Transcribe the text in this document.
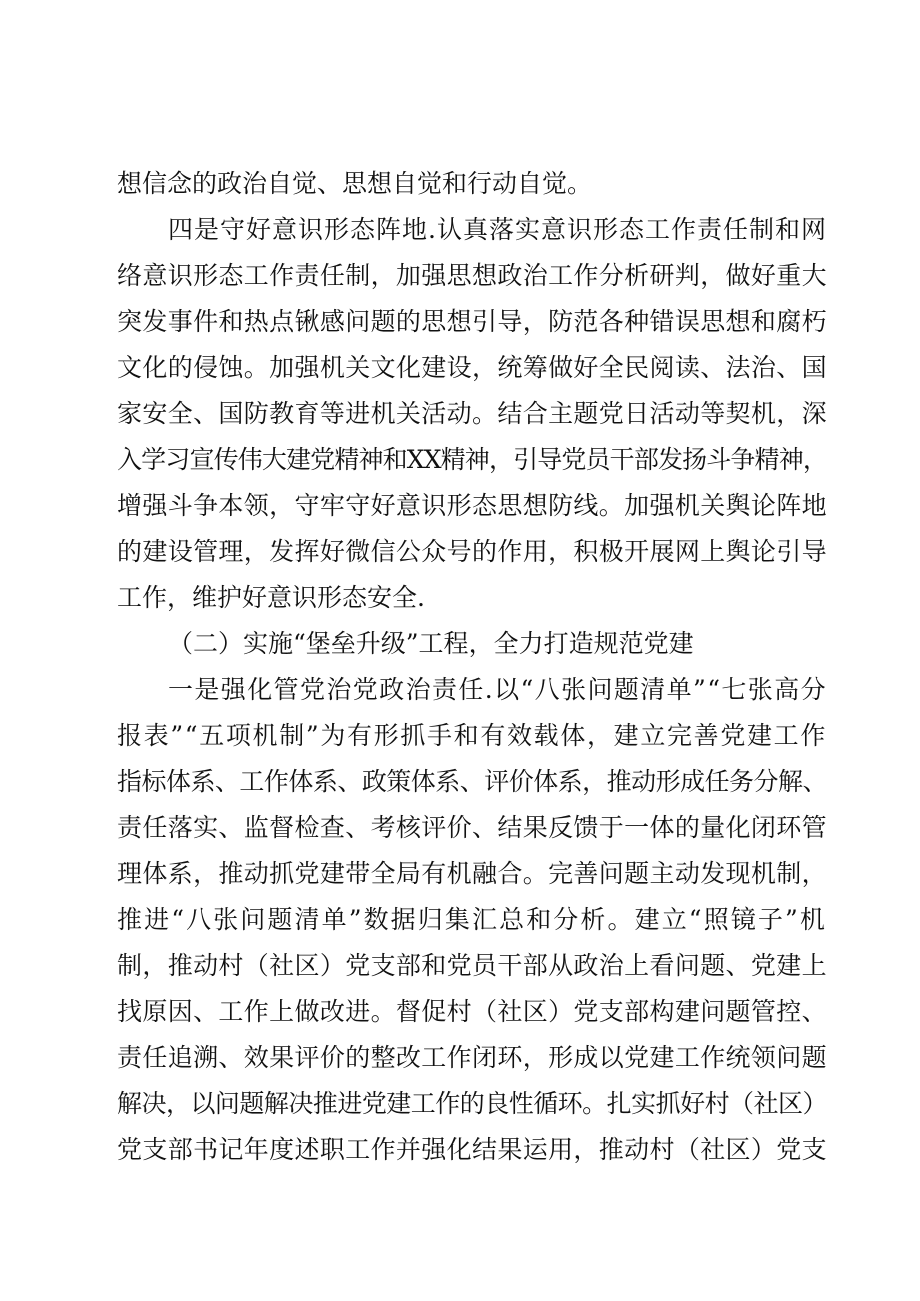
想信念的政治自觉、思想自觉和行动自觉。
四是守好意识形态阵地.认真落实意识形态工作责任制和网
络意识形态工作责任制，加强思想政治工作分析研判，做好重大
突发事件和热点锹感问题的思想引导，防范各种错误思想和腐朽
文化的侵蚀。加强机关文化建设，统筹做好全民阅读、法治、国
家安全、国防教育等进机关活动。结合主题党日活动等契机，深
入学习宣传伟大建党精神和XX精神，引导党员干部发扬斗争精神，
增强斗争本领，守牢守好意识形态思想防线。加强机关舆论阵地
的建设管理，发挥好微信公众号的作用，积极开展网上舆论引导
工作，维护好意识形态安全.
（二）实施“堡垒升级”工程，全力打造规范党建
一是强化管党治党政治责任.以“八张问题清单”“七张高分
报表”“五项机制”为有形抓手和有效载体，建立完善党建工作
指标体系、工作体系、政策体系、评价体系，推动形成任务分解、
责任落实、监督检查、考核评价、结果反馈于一体的量化闭环管
理体系，推动抓党建带全局有机融合。完善问题主动发现机制，
推进“八张问题清单”数据归集汇总和分析。建立“照镜子”机
制，推动村（社区）党支部和党员干部从政治上看问题、党建上
找原因、工作上做改进。督促村（社区）党支部构建问题管控、
责任追溯、效果评价的整改工作闭环，形成以党建工作统领问题
解决，以问题解决推进党建工作的良性循环。扎实抓好村（社区）
党支部书记年度述职工作并强化结果运用，推动村（社区）党支
